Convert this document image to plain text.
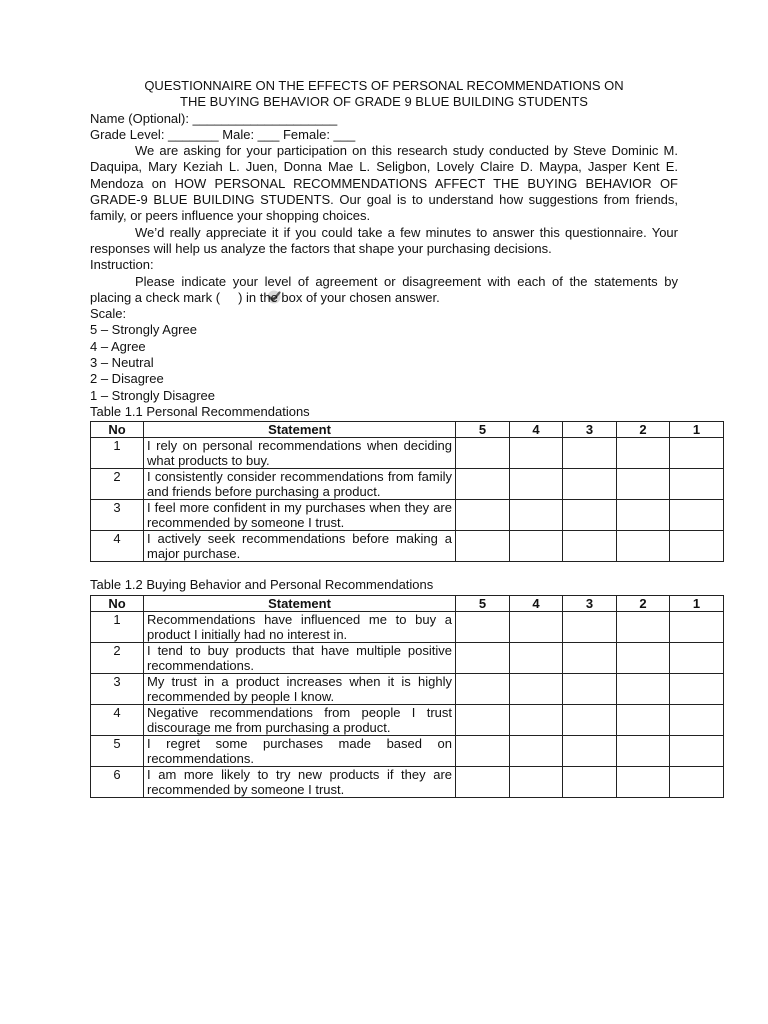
QUESTIONNAIRE ON THE EFFECTS OF PERSONAL RECOMMENDATIONS ON

THE BUYING BEHAVIOR OF GRADE 9 BLUE BUILDING STUDENTS

Name (Optional): ____________________
Grade Level: _______ Male: ___ Female: ___

We are asking for your participation on this research study conducted by Steve Dominic M. Daquipa, Mary Keziah L. Juen, Donna Mae L. Seligbon, Lovely Claire D. Maypa, Jasper Kent E. Mendoza on HOW PERSONAL RECOMMENDATIONS AFFECT THE BUYING BEHAVIOR OF GRADE-9 BLUE BUILDING STUDENTS. Our goal is to understand how suggestions from friends, family, or peers influence your shopping choices.

We’d really appreciate it if you could take a few minutes to answer this questionnaire. Your responses will help us analyze the factors that shape your purchasing decisions.

Instruction:

Please indicate your level of agreement or disagreement with each of the statements by placing a check mark ( ) in the box of your chosen answer.

Scale:

5 – Strongly Agree

4 – Agree

3 – Neutral

2 – Disagree

1 – Strongly Disagree

Table 1.1 Personal Recommendations

No	Statement	5	4	3	2	1
1	I rely on personal recommendations when deciding what products to buy.					
2	I consistently consider recommendations from family and friends before purchasing a product.					
3	I feel more confident in my purchases when they are recommended by someone I trust.					
4	I actively seek recommendations before making a major purchase.					

Table 1.2 Buying Behavior and Personal Recommendations

No	Statement	5	4	3	2	1
1	Recommendations have influenced me to buy a product I initially had no interest in.					
2	I tend to buy products that have multiple positive recommendations.					
3	My trust in a product increases when it is highly recommended by people I know.					
4	Negative recommendations from people I trust discourage me from purchasing a product.					
5	I regret some purchases made based on recommendations.					
6	I am more likely to try new products if they are recommended by someone I trust.					
